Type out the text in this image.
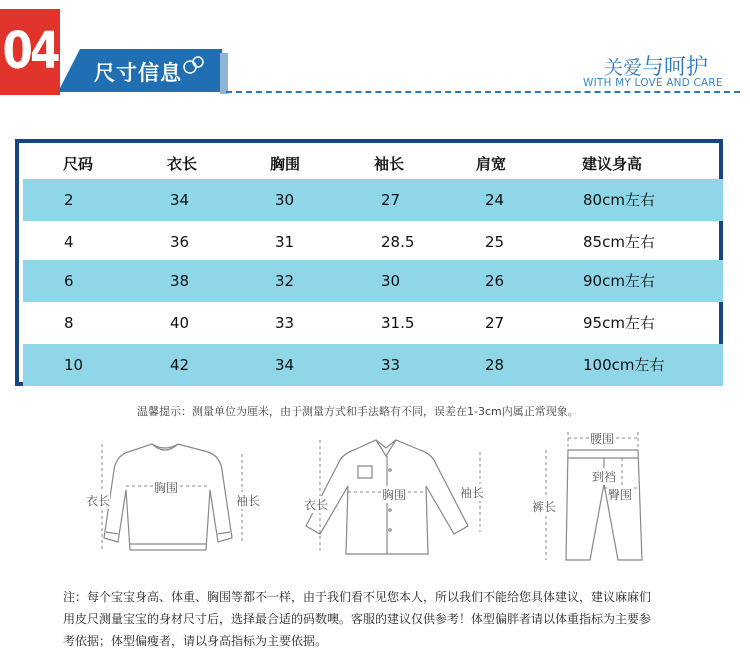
04 尺寸信息	关爱与呵护
WITH MY LOVE AND CARE
尺码	衣长	胸围	袖长	肩宽	建议身高
2	34	30	27	24	80cm左右
4	36	31	28.5	25	85cm左右
6	38	32	30	26	90cm左右
8	40	33	31.5	27	95cm左右
10	42	34	33	28	100cm左右
温馨提示：测量单位为厘米，由于测量方式和手法略有不同，误差在1-3cm内属正常现象。
衣长
胸围
袖长	衣长
胸围	袖长
腰围
到裆
臀围
裤长
注：每个宝宝身高、体重、胸围等都不一样，由于我们看不见您本人，所以我们不能给您具体建议，建议麻麻们
用皮尺测量宝宝的身材尺寸后，选择最合适的码数噢。客服的建议仅供参考！体型偏胖者请以体重指标为主要参
考依据；体型偏瘦者，请以身高指标为主要依据。
